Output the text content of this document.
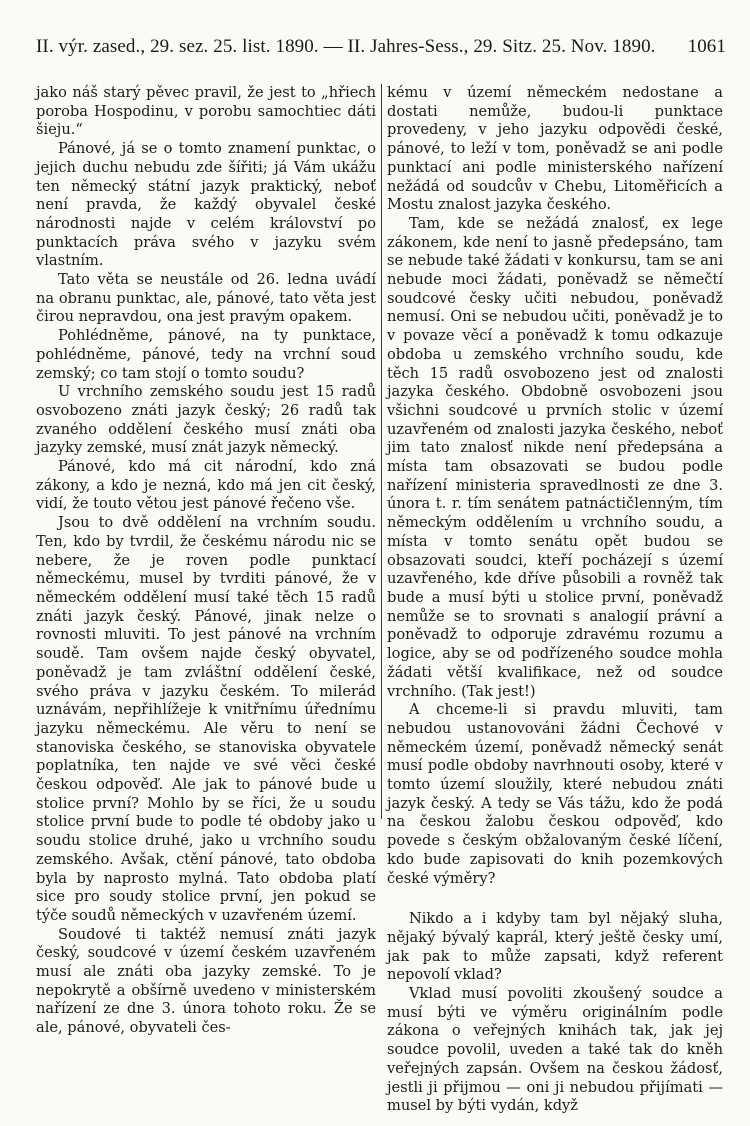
II. výr. zased., 29. sez. 25. list. 1890. — II. Jahres-Sess., 29. Sitz. 25. Nov. 1890. 1061

jako náš starý pěvec pravil, že jest to „hřiech poroba Hospodinu, v porobu samochtiec dáti šieju.“

Pánové, já se o tomto znamení punktac, o jejich duchu nebudu zde šířiti; já Vám ukážu ten německý státní jazyk praktický, neboť není pravda, že každý obyvalel české národnosti najde v celém království po punktacích práva svého v jazyku svém vlastním.

Tato věta se neustále od 26. ledna uvádí na obranu punktac, ale, pánové, tato věta jest čirou nepravdou, ona jest pravým opakem.

Pohlédněme, pánové, na ty punktace, pohlédněme, pánové, tedy na vrchní soud zemský; co tam stojí o tomto soudu?

U vrchního zemského soudu jest 15 radů osvobozeno znáti jazyk český; 26 radů tak zvaného oddělení českého musí znáti oba jazyky zemské, musí znát jazyk německý.

Pánové, kdo má cit národní, kdo zná zákony, a kdo je nezná, kdo má jen cit český, vidí, že touto větou jest pánové řečeno vše.

Jsou to dvě oddělení na vrchním soudu. Ten, kdo by tvrdil, že českému národu nic se nebere, že je roven podle punktací německému, musel by tvrditi pánové, že v německém oddělení musí také těch 15 radů znáti jazyk český. Pánové, jinak nelze o rovnosti mluviti. To jest pánové na vrchním soudě. Tam ovšem najde český obyvatel, poněvadž je tam zvláštní oddělení české, svého práva v jazyku českém. To milerád uznávám, nepřihlížeje k vnitřnímu úřednímu jazyku německému. Ale věru to není se stanoviska českého, se stanoviska obyvatele poplatníka, ten najde ve své věci české českou odpověď. Ale jak to pánové bude u stolice první? Mohlo by se říci, že u soudu stolice první bude to podle té obdoby jako u soudu stolice druhé, jako u vrchního soudu zemského. Avšak, ctění pánové, tato obdoba byla by naprosto mylná. Tato obdoba platí sice pro soudy stolice první, jen pokud se týče soudů německých v uzavřeném území.

Soudové ti taktéž nemusí znáti jazyk český, soudcové v území českém uzavřeném musí ale znáti oba jazyky zemské. To je nepokrytě a obšírně uvedeno v ministerském nařízení ze dne 3. února tohoto roku. Že se ale, pánové, obyvateli čes-

kému v území německém nedostane a dostati nemůže, budou-li punktace provedeny, v jeho jazyku odpovědi české, pánové, to leží v tom, poněvadž se ani podle punktací ani podle ministerského nařízení nežádá od soudcův v Chebu, Litoměřicích a Mostu znalost jazyka českého.

Tam, kde se nežádá znalosť, ex lege zákonem, kde není to jasně předepsáno, tam se nebude také žádati v konkursu, tam se ani nebude moci žádati, poněvadž se němečtí soudcové česky učiti nebudou, poněvadž nemusí. Oni se nebudou učiti, poněvadž je to v povaze věcí a poněvadž k tomu odkazuje obdoba u zemského vrchního soudu, kde těch 15 radů osvobozeno jest od znalosti jazyka českého. Obdobně osvobozeni jsou všichni soudcové u prvních stolic v území uzavřeném od znalosti jazyka českého, neboť jim tato znalosť nikde není předepsána a místa tam obsazovati se budou podle nařízení ministeria spravedlnosti ze dne 3. února t. r. tím senátem patnáctičlenným, tím německým oddělením u vrchního soudu, a místa v tomto senátu opět budou se obsazovati soudci, kteří pocházejí s území uzavřeného, kde dříve působili a rovněž tak bude a musí býti u stolice první, poněvadž nemůže se to srovnati s analogií právní a poněvadž to odporuje zdravému rozumu a logice, aby se od podřízeného soudce mohla žádati větší kvalifikace, než od soudce vrchního. (Tak jest!)

A chceme-li si pravdu mluviti, tam nebudou ustanovováni žádni Čechové v německém území, poněvadž německý senát musí podle obdoby navrhnouti osoby, které v tomto území sloužily, které nebudou znáti jazyk český. A tedy se Vás tážu, kdo že podá na českou žalobu českou odpověď, kdo povede s českým obžalovaným české líčení, kdo bude zapisovati do knih pozemkových české výměry?

Nikdo a i kdyby tam byl nějaký sluha, nějaký bývalý kaprál, který ještě česky umí, jak pak to může zapsati, když referent nepovolí vklad?

Vklad musí povoliti zkoušený soudce a musí býti ve výměru originálním podle zákona o veřejných knihách tak, jak jej soudce povolil, uveden a také tak do kněh veřejných zapsán. Ovšem na českou žádosť, jestli ji přijmou — oni ji nebudou přijímati — musel by býti vydán, když
